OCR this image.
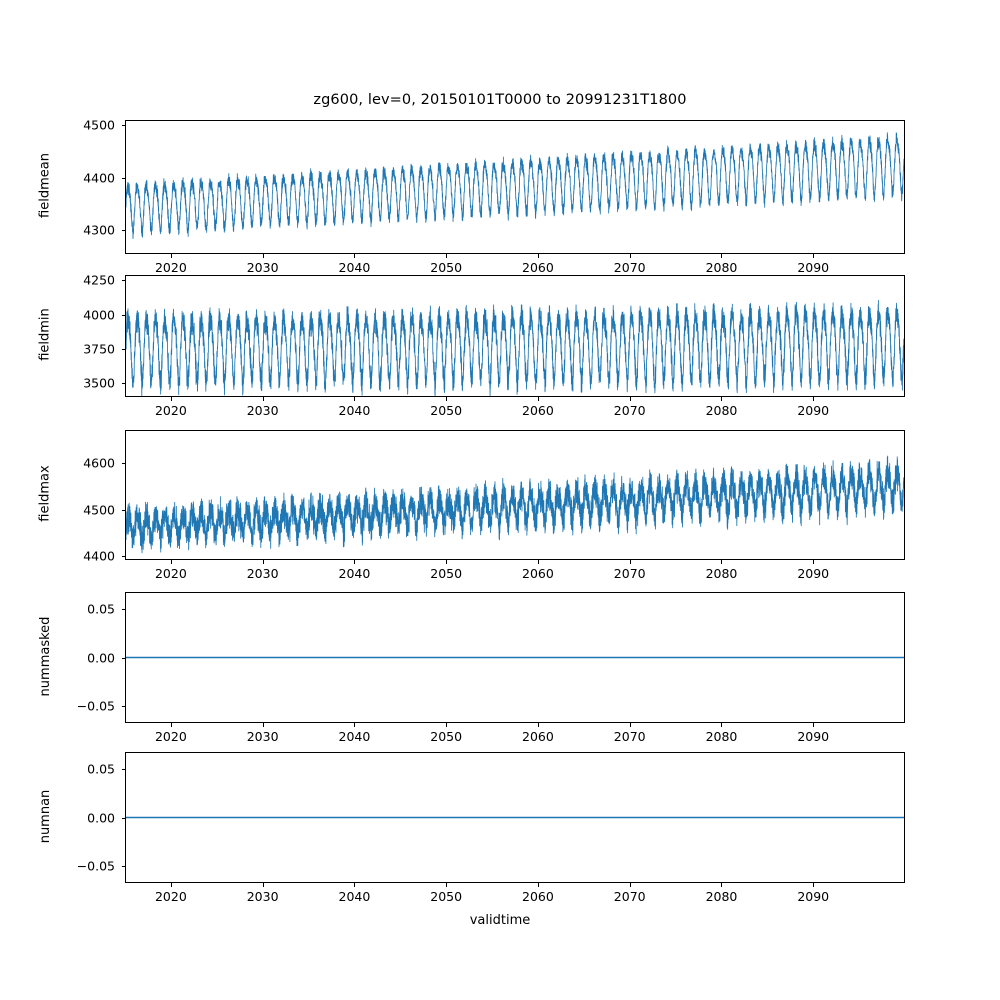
zg600, lev=0, 20150101T0000 to 20991231T1800
fieldmean
4300
4400
4500
2020	2030	2040	2050	2060	2070	2080	2090
fieldmin
3500
3750
4000
4250
2020	2030	2040	2050	2060	2070	2080	2090
fieldmax
4400
4500
4600
2020	2030	2040	2050	2060	2070	2080	2090
nummasked
−0.05
0.00
0.05
2020	2030	2040	2050	2060	2070	2080	2090
numnan
−0.05
0.00
0.05
2020	2030	2040	2050	2060	2070	2080	2090
validtime
